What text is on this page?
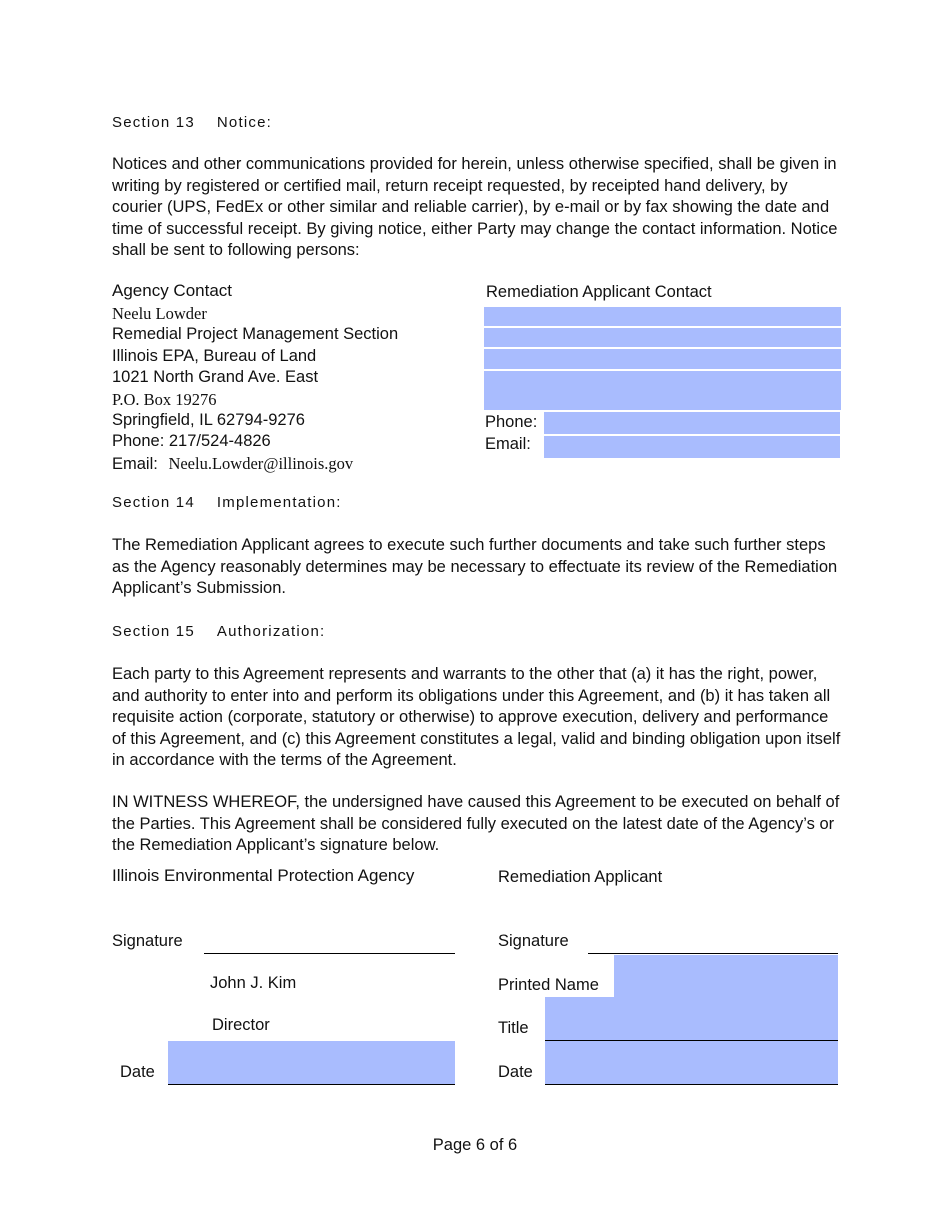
Section 13 Notice:
Notices and other communications provided for herein, unless otherwise specified, shall be given in writing by registered or certified mail, return receipt requested, by receipted hand delivery, by courier (UPS, FedEx or other similar and reliable carrier), by e-mail or by fax showing the date and time of successful receipt. By giving notice, either Party may change the contact information. Notice shall be sent to following persons:
Agency Contact
Neelu Lowder
Remedial Project Management Section
Illinois EPA, Bureau of Land
1021 North Grand Ave. East
P.O. Box 19276
Springfield, IL 62794-9276
Phone: 217/524-4826
Email: Neelu.Lowder@illinois.gov
Remediation Applicant Contact
Phone:
Email:
Section 14 Implementation:
The Remediation Applicant agrees to execute such further documents and take such further steps as the Agency reasonably determines may be necessary to effectuate its review of the Remediation Applicant’s Submission.
Section 15 Authorization:
Each party to this Agreement represents and warrants to the other that (a) it has the right, power, and authority to enter into and perform its obligations under this Agreement, and (b) it has taken all requisite action (corporate, statutory or otherwise) to approve execution, delivery and performance of this Agreement, and (c) this Agreement constitutes a legal, valid and binding obligation upon itself in accordance with the terms of the Agreement.
IN WITNESS WHEREOF, the undersigned have caused this Agreement to be executed on behalf of the Parties. This Agreement shall be considered fully executed on the latest date of the Agency’s or the Remediation Applicant’s signature below.
Illinois Environmental Protection Agency
Signature
John J. Kim
Director
Date
Remediation Applicant
Signature
Printed Name
Title
Date
Page 6 of 6
